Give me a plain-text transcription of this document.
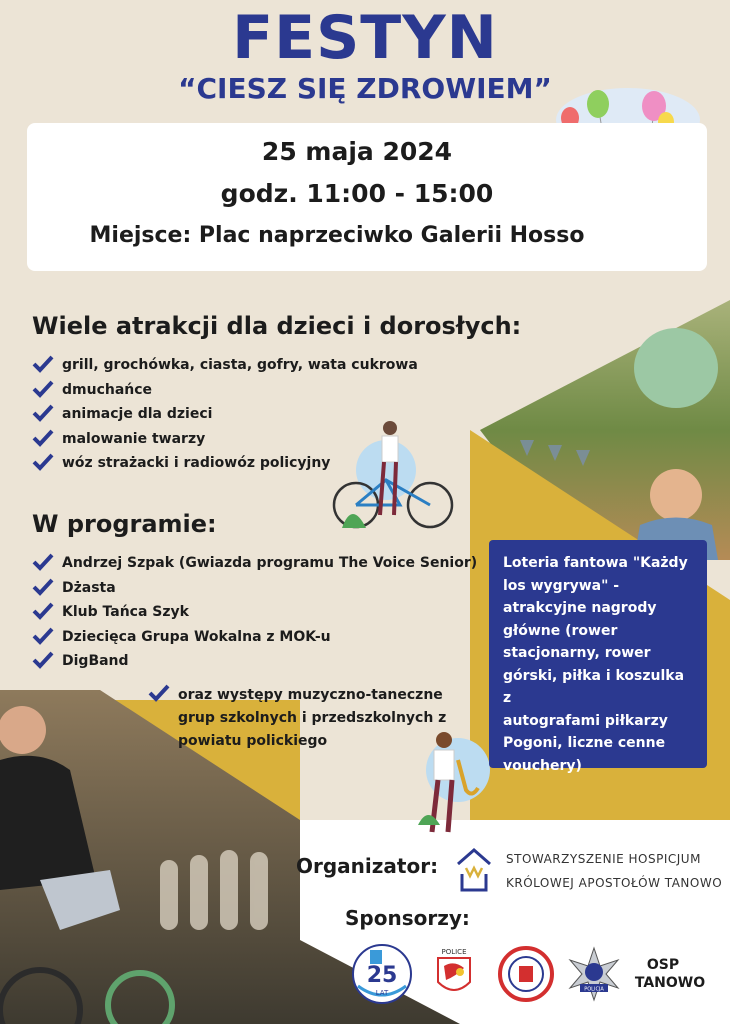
FESTYN
“CIESZ SIĘ ZDROWIEM”
25 maja 2024
godz. 11:00 - 15:00
Miejsce: Plac naprzeciwko Galerii Hosso
Wiele atrakcji dla dzieci i dorosłych:
grill, grochówka, ciasta, gofry, wata cukrowa
dmuchańce
animacje dla dzieci
malowanie twarzy
wóz strażacki i radiowóz policyjny
W programie:
Andrzej Szpak (Gwiazda programu The Voice Senior)
Dżasta
Klub Tańca Szyk
Dziecięca Grupa Wokalna z MOK-u
DigBand

oraz występy muzyczno-taneczne

grup szkolnych i przedszkolnych z

powiatu polickiego

Loteria fantowa "Każdy
los wygrywa" -
atrakcyjne nagrody
główne (rower
stacjonarny, rower
górski, piłka i koszulka z
autografami piłkarzy
Pogoni, liczne cenne
vouchery)
Organizator:	STOWARZYSZENIE HOSPICJUM
KRÓLOWEJ APOSTOŁÓW TANOWO
Sponsorzy:
25
LAT
POLICE
POLICJA
OSP
TANOWO
